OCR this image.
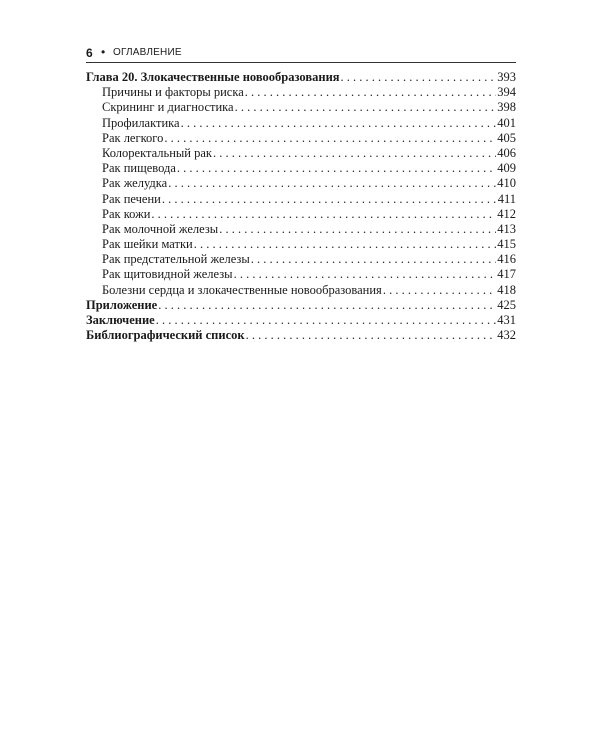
6 • ОГЛАВЛЕНИЕ
Глава 20. Злокачественные новообразования . . .	393
Причины и факторы риска . . .	394
Скрининг и диагностика . . .	398
Профилактика . . .	401
Рак легкого . . .	405
Колоректальный рак . . .	406
Рак пищевода . . .	409
Рак желудка . . .	410
Рак печени . . .	411
Рак кожи . . .	412
Рак молочной железы . . .	413
Рак шейки матки . . .	415
Рак предстательной железы . . .	416
Рак щитовидной железы . . .	417
Болезни сердца и злокачественные новообразования . . .	418
Приложение . . .	425
Заключение . . .	431
Библиографический список . . .	432
